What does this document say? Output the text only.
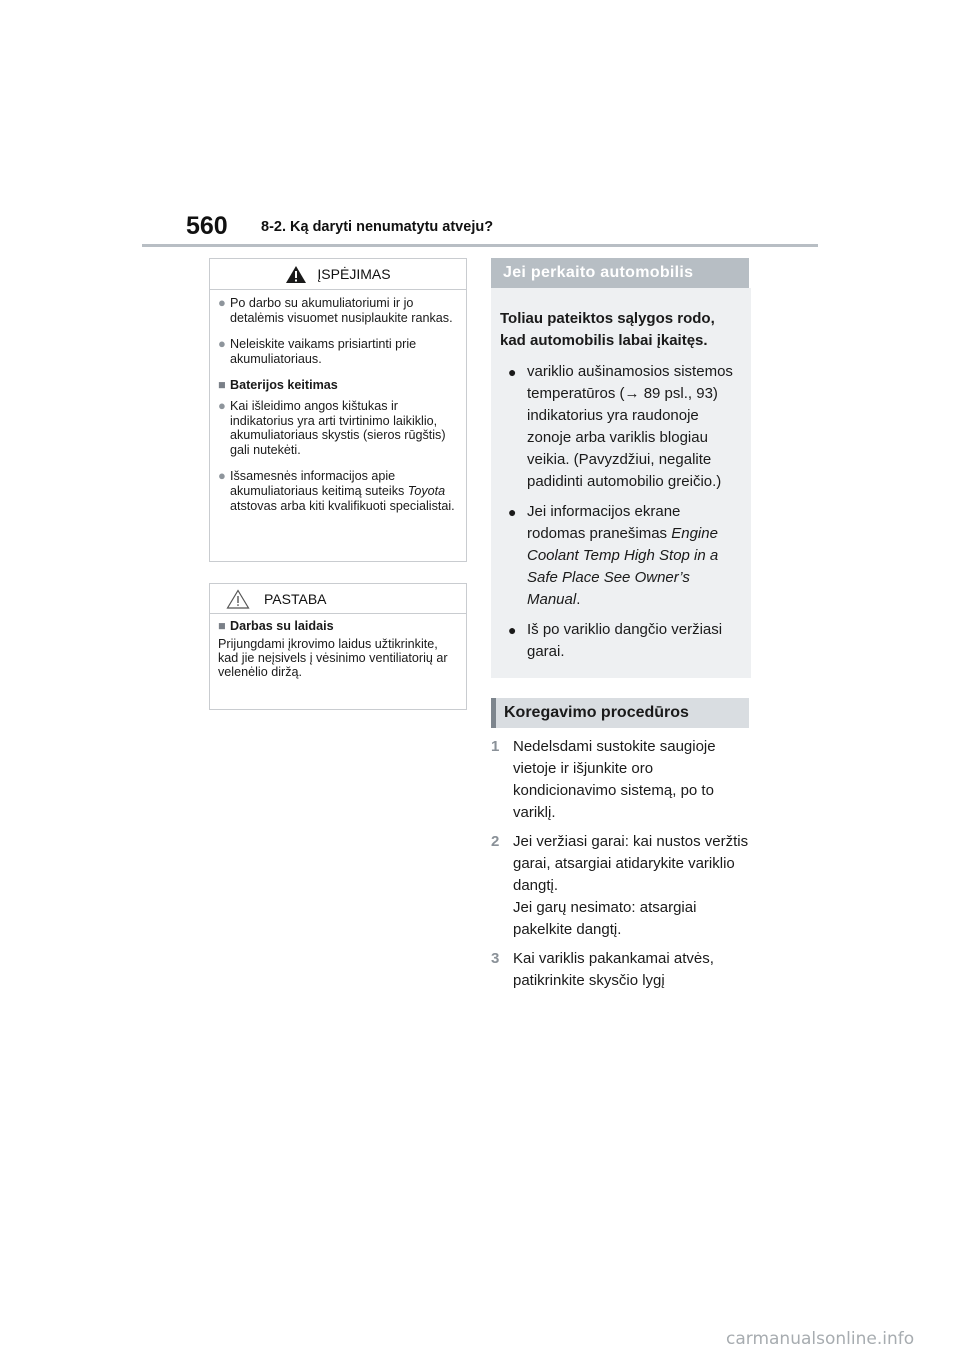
560 8-2. Ką daryti nenumatytu atveju?
ĮSPĖJIMAS
● Po darbo su akumuliatoriumi ir jo detalėmis visuomet nusiplaukite rankas.
● Neleiskite vaikams prisiartinti prie akumuliatoriaus.
■ Baterijos keitimas
● Kai išleidimo angos kištukas ir indikatorius yra arti tvirtinimo laikiklio, akumuliatoriaus skystis (sieros rūgštis) gali nutekėti.
● Išsamesnės informacijos apie akumuliatoriaus keitimą suteiks Toyota atstovas arba kiti kvalifikuoti specialistai.
PASTABA
■ Darbas su laidais
Prijungdami įkrovimo laidus užtikrinkite, kad jie neįsivels į vėsinimo ventiliatorių ar velenėlio diržą.
Jei perkaito automobilis
Toliau pateiktos sąlygos rodo, kad automobilis labai įkaitęs.
● variklio aušinamosios sistemos temperatūros (→ 89 psl., 93) indikatorius yra raudonoje zonoje arba variklis blogiau veikia. (Pavyzdžiui, negalite padidinti automobilio greičio.)
● Jei informacijos ekrane rodomas pranešimas Engine Coolant Temp High Stop in a Safe Place See Owner’s Manual.
● Iš po variklio dangčio veržiasi garai.
Koregavimo procedūros
1 Nedelsdami sustokite saugioje vietoje ir išjunkite oro kondicionavimo sistemą, po to variklį.
2 Jei veržiasi garai: kai nustos veržtis garai, atsargiai atidarykite variklio dangtį.
Jei garų nesimato: atsargiai pakelkite dangtį.
3 Kai variklis pakankamai atvės, patikrinkite skysčio lygį
carmanualsonline.info
